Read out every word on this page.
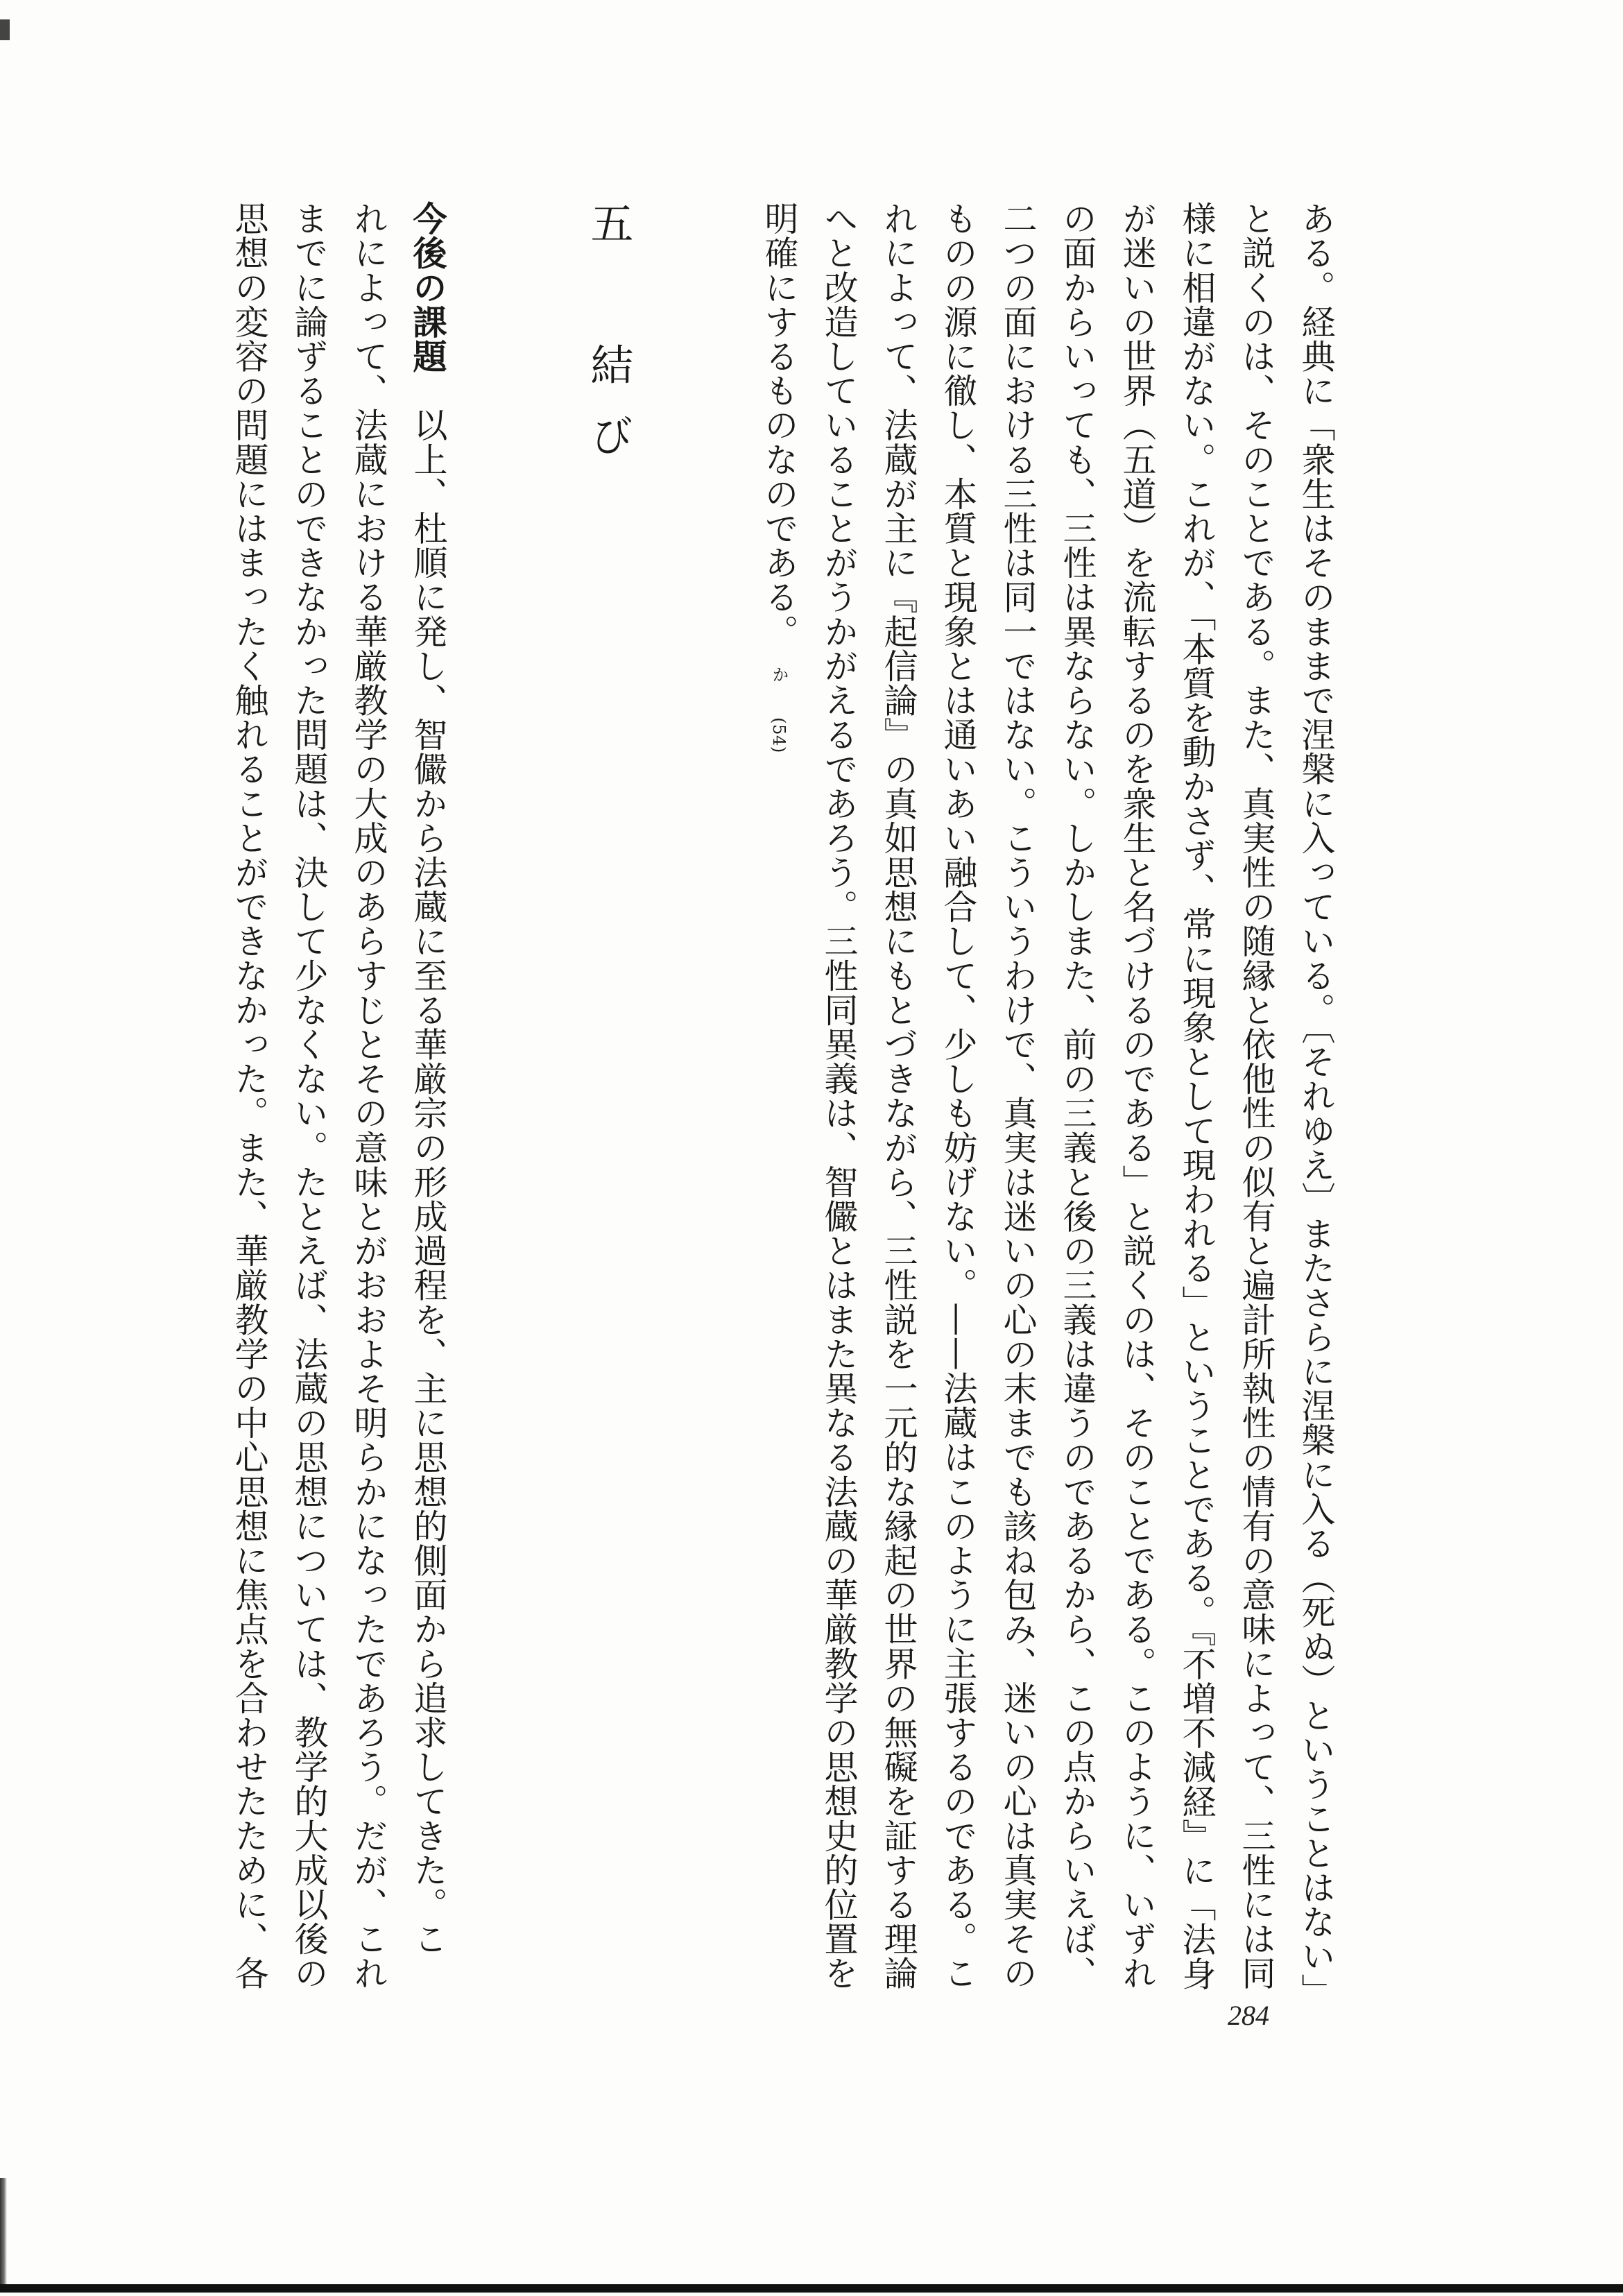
ある。経典に「衆生はそのままで涅槃に入っている。〔それゆえ〕またさらに涅槃に入る（死ぬ）ということはない」
と説くのは、そのことである。また、真実性の随縁と依他性の似有と遍計所執性の情有の意味によって、三性には同
様に相違がない。これが、「本質を動かさず、常に現象として現われる」ということである。『不増不減経』に「法身
が迷いの世界（五道）を流転するのを衆生と名づけるのである」と説くのは、そのことである。このように、いずれ
の面からいっても、三性は異ならない。しかしまた、前の三義と後の三義は違うのであるから、この点からいえば、
二つの面における三性は同一ではない。こういうわけで、真実は迷いの心の末までも該ね包み、迷いの心は真実その
ものの源に徹し、本質と現象とは通いあい融合して、少しも妨げない。——法蔵はこのように主張するのである。こ
れによって、法蔵が主に『起信論』の真如思想にもとづきながら、三性説を一元的な縁起の世界の無礙を証する理論
へと改造していることがうかがえるであろう。三性同異義は、智儼とはまた異なる法蔵の華厳教学の思想史的位置を
明確にするものなのである。　か　(54)
五　結び
今後の課題　以上、杜順に発し、智儼から法蔵に至る華厳宗の形成過程を、主に思想的側面から追求してきた。こ
れによって、法蔵における華厳教学の大成のあらすじとその意味とがおおよそ明らかになったであろう。だが、これ
までに論ずることのできなかった問題は、決して少なくない。たとえば、法蔵の思想については、教学的大成以後の
思想の変容の問題にはまったく触れることができなかった。また、華厳教学の中心思想に焦点を合わせたために、各
284
